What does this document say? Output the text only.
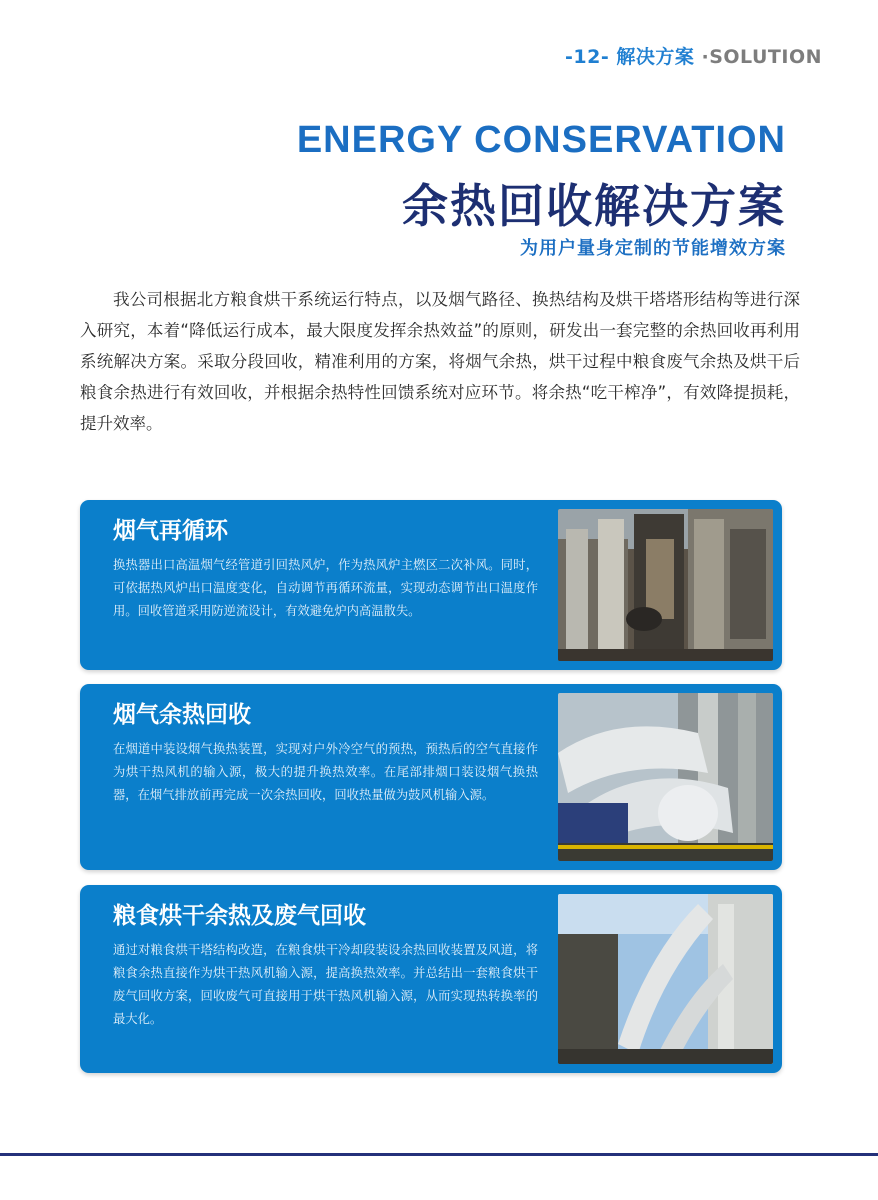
-12- 解决方案 ·SOLUTION
ENERGY CONSERVATION
余热回收解决方案
为用户量身定制的节能增效方案

我公司根据北方粮食烘干系统运行特点，以及烟气路径、换热结构及烘干塔塔形结构等进行深入研究，本着“降低运行成本，最大限度发挥余热效益”的原则，研发出一套完整的余热回收再利用系统解决方案。采取分段回收，精准利用的方案，将烟气余热，烘干过程中粮食废气余热及烘干后粮食余热进行有效回收，并根据余热特性回馈系统对应环节。将余热“吃干榨净”，有效降提损耗，提升效率。

烟气再循环

换热器出口高温烟气经管道引回热风炉，作为热风炉主燃区二次补风。同时，可依据热风炉出口温度变化，自动调节再循环流量，实现动态调节出口温度作用。回收管道采用防逆流设计，有效避免炉内高温散失。

烟气余热回收

在烟道中装设烟气换热装置，实现对户外冷空气的预热，预热后的空气直接作为烘干热风机的输入源，极大的提升换热效率。在尾部排烟口装设烟气换热器，在烟气排放前再完成一次余热回收，回收热量做为鼓风机输入源。

粮食烘干余热及废气回收

通过对粮食烘干塔结构改造，在粮食烘干冷却段装设余热回收装置及风道，将粮食余热直接作为烘干热风机输入源，提高换热效率。并总结出一套粮食烘干废气回收方案，回收废气可直接用于烘干热风机输入源，从而实现热转换率的最大化。
